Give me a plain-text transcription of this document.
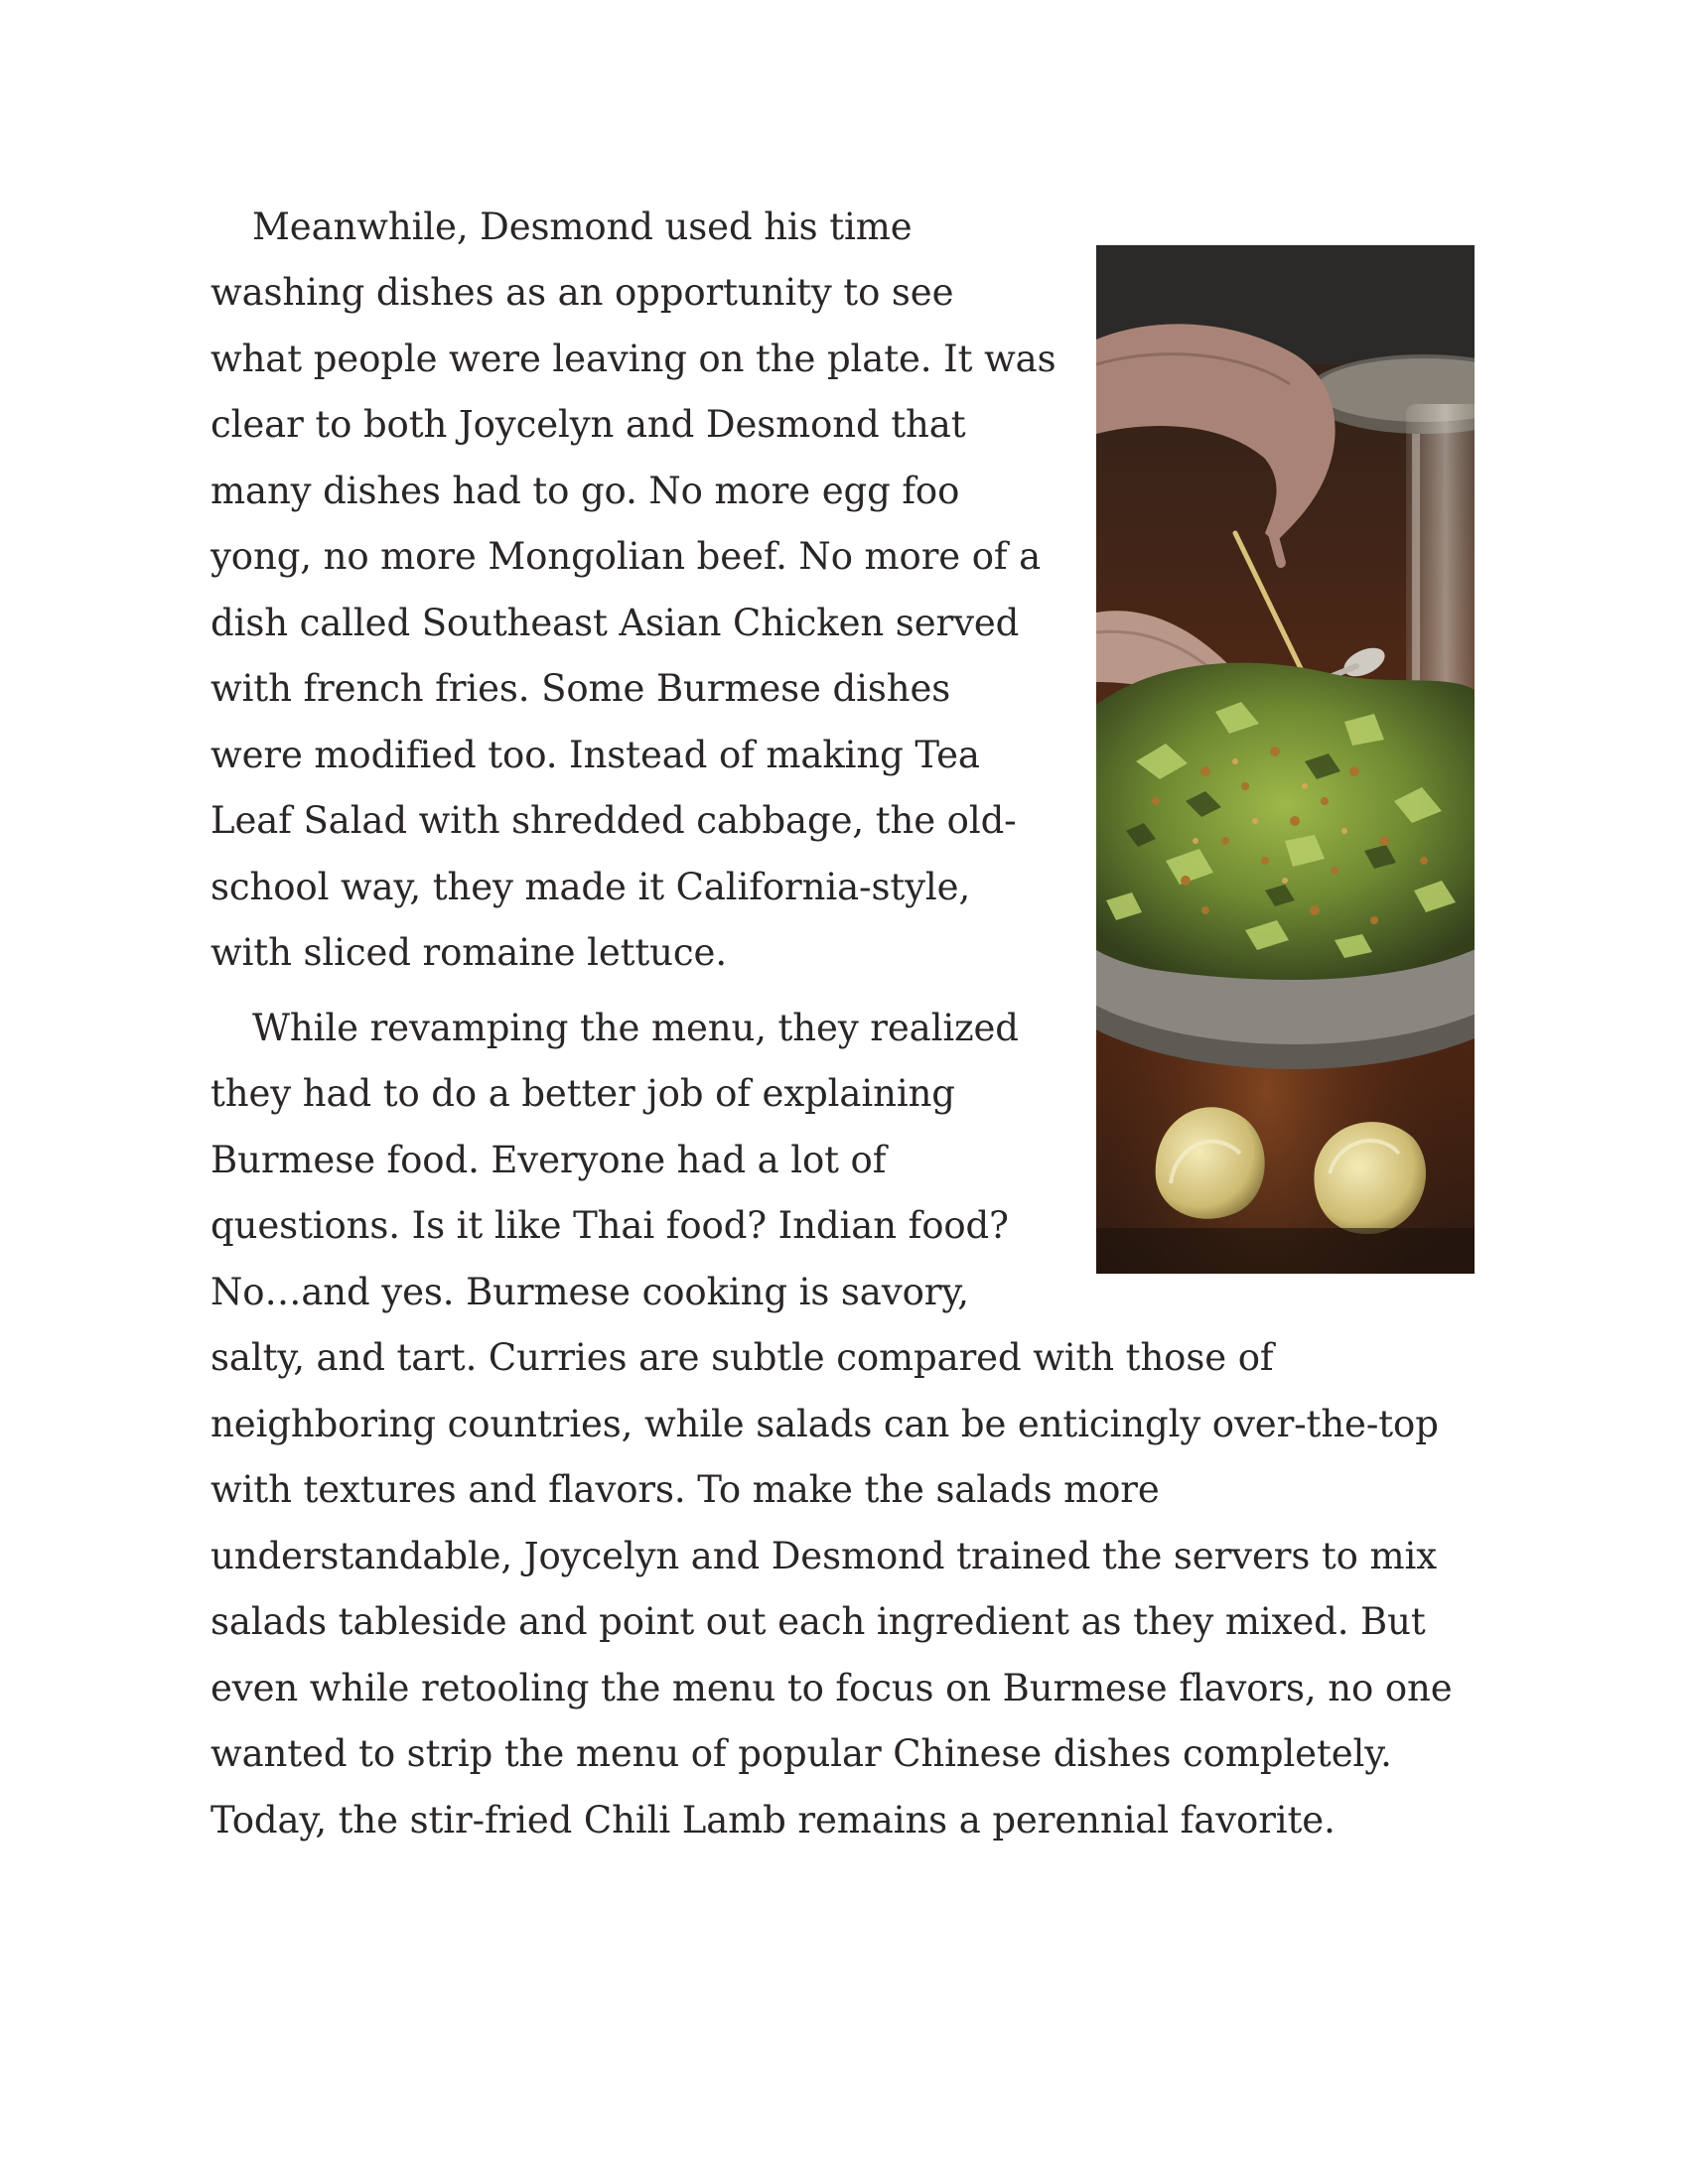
Meanwhile, Desmond used his time
washing dishes as an opportunity to see
what people were leaving on the plate. It was
clear to both Joycelyn and Desmond that
many dishes had to go. No more egg foo
yong, no more Mongolian beef. No more of a
dish called Southeast Asian Chicken served
with french fries. Some Burmese dishes
were modified too. Instead of making Tea
Leaf Salad with shredded cabbage, the old-
school way, they made it California-style,
with sliced romaine lettuce.
While revamping the menu, they realized
they had to do a better job of explaining
Burmese food. Everyone had a lot of
questions. Is it like Thai food? Indian food?
No…and yes. Burmese cooking is savory,
salty, and tart. Curries are subtle compared with those of
neighboring countries, while salads can be enticingly over-the-top
with textures and flavors. To make the salads more
understandable, Joycelyn and Desmond trained the servers to mix
salads tableside and point out each ingredient as they mixed. But
even while retooling the menu to focus on Burmese flavors, no one
wanted to strip the menu of popular Chinese dishes completely.
Today, the stir-fried Chili Lamb remains a perennial favorite.
